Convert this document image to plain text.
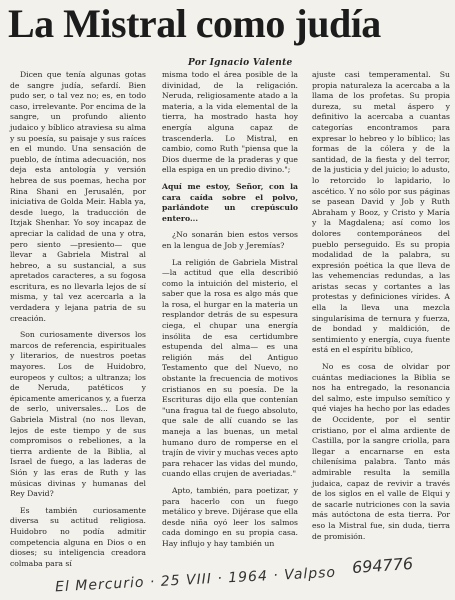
La Mistral como judía
Por Ignacio Valente

Dicen que tenía algunas gotas de sangre judía, sefardí. Bien pudo ser, o tal vez no; es, en todo caso, irrelevante. Por encima de la sangre, un profundo aliento judaico y bíblico atraviesa su alma y su poesía, su paisaje y sus raíces en el mundo. Una sensación de pueblo, de íntima adecuación, nos deja esta antología y versión hebrea de sus poemas, hecha por Rina Shani en Jerusalén, por iniciativa de Golda Meir. Habla ya, desde luego, la traducción de Itzjak Shenhar. Yo soy incapaz de apreciar la calidad de una y otra, pero siento —presiento— que llevar a Gabriela Mistral al hebreo, a su sustancial, a sus apretados caracteres, a su fogosa escritura, es no llevarla lejos de sí misma, y tal vez acercarla a la verdadera y lejana patria de su creación.

Son curiosamente diversos los marcos de referencia, espirituales y literarios, de nuestros poetas mayores. Los de Huidobro, europeos y cultos; a ultranza; los de Neruda, patéticos y épicamente americanos y, a fuerza de serlo, universales... Los de Gabriela Mistral (no nos llevan, lejos de este tiempo y de sus compromisos o rebeliones, a la tierra ardiente de la Biblia, al Israel de fuego, a las laderas de Sión y las eras de Ruth y las músicas divinas y humanas del Rey David?

Es también curiosamente diversa su actitud religiosa. Huidobro no podía admitir competencia alguna en Dios o en dioses; su inteligencia creadora colmaba para sí

misma todo el área posible de la divinidad, de la religación. Neruda, religiosamente atado a la materia, a la vida elemental de la tierra, ha mostrado hasta hoy energía alguna capaz de trascenderla. Lo Mistral, en cambio, como Ruth "piensa que la Dios duerme de la praderas y que ella espiga en un predio divino.";

Aquí me estoy, Señor, con la cara caída sobre el polvo, parlándote un crepúsculo entero...

¿No sonarán bien estos versos en la lengua de Job y Jeremías?

La religión de Gabriela Mistral —la actitud que ella describió como la intuición del misterio, el saber que la rosa es algo más que la rosa, el hurgar en la materia un resplandor detrás de su espesura ciega, el chupar una energía insólita de esa certidumbre estupenda del alma— es una religión más del Antiguo Testamento que del Nuevo, no obstante la frecuencia de motivos cristianos en su poesía. De la Escrituras dijo ella que contenían "una fragua tal de fuego absoluto, que sale de allí cuando se las maneja a las buenas, un metal humano duro de romperse en el trajín de vivir y muchas veces apto para rehacer las vidas del mundo, cuando ellas crujen de averiadas."

Apto, también, para poetizar, y para hacerlo con un fuego metálico y breve. Dijérase que ella desde niña oyó leer los salmos cada domingo en su propia casa. Hay influjo y hay también un

ajuste casi temperamental. Su propia naturaleza la acercaba a la llama de los profetas. Su propia dureza, su metal áspero y definitivo la acercaba a cuantas categorías encontramos para expresar lo hebreo y lo bíblico; las formas de la cólera y de la santidad, de la fiesta y del terror, de la justicia y del juicio; lo adusto, lo retorcido lo lapidario, lo ascético. Y no sólo por sus páginas se pasean David y Job y Ruth Abraham y Booz, y Cristo y María y la Magdalena; así como los dolores contemporáneos del pueblo perseguido. Es su propia modalidad de la palabra, su expresión poética la que lleva de las vehemencias redundas, a las aristas secas y cortantes a las protestas y definiciones vírides. A ella la lleva una mezcla singularísima de ternura y fuerza, de bondad y maldición, de sentimiento y energía, cuya fuente está en el espíritu bíblico,

No es cosa de olvidar por cuántas mediaciones la Biblia se nos ha entregado, la resonancia del salmo, este impulso semítico y qué viajes ha hecho por las edades de Occidente, por el sentir cristiano, por el alma ardiente de Castilla, por la sangre criolla, para llegar a encarnarse en esta chilenísima palabra. Tanto más admirable resulta la semilla judaica, capaz de revivir a través de los siglos en el valle de Elqui y de sacarle nutriciones con la savia más autóctona de esta tierra. Por eso la Mistral fue, sin duda, tierra de promisión.

El Mercurio · 25 VIII · 1964 · Valpso 694776
